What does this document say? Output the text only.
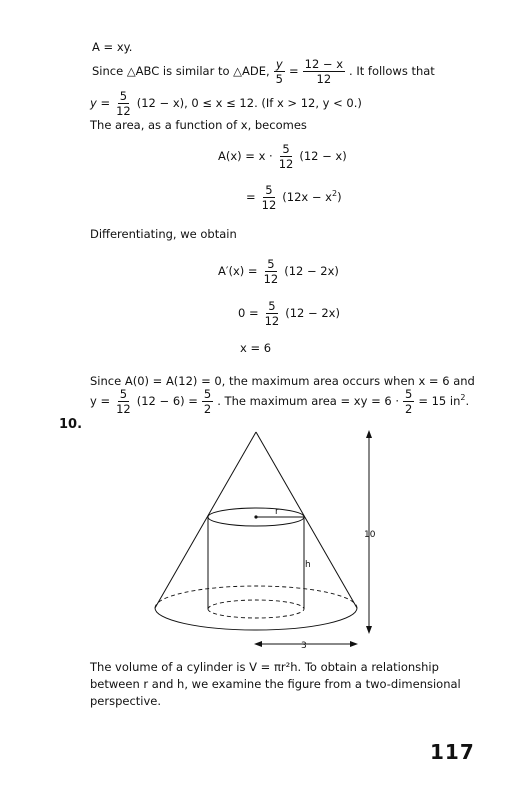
A = xy.
Since △ABC is similar to △ADE, $\frac{y}{5} = \frac{12 - x}{12}$ . It follows that
$y = \frac{5}{12} (12 - x)$, 0 ≤ x ≤ 12. (If x > 12, y < 0.)
The area, as a function of x, becomes
$A(x) = x \cdot \frac{5}{12} (12 - x)$
= $\frac{5}{12} (12x - x^2)$
Differentiating, we obtain
$A'(x) = \frac{5}{12} (12 - 2x)$
$0 = \frac{5}{12} (12 - 2x)$
x = 6
Since A(0) = A(12) = 0, the maximum area occurs when x = 6 and
$y = \frac{5}{12} (12 - 6) = \frac{5}{2}$ . The maximum area = xy = $6 \cdot \frac{5}{2} = 15$ $in^2$.
10.
r
h
10
3
The volume of a cylinder is V = πr²h. To obtain a relationship
between r and h, we examine the figure from a two-dimensional
perspective.
117
